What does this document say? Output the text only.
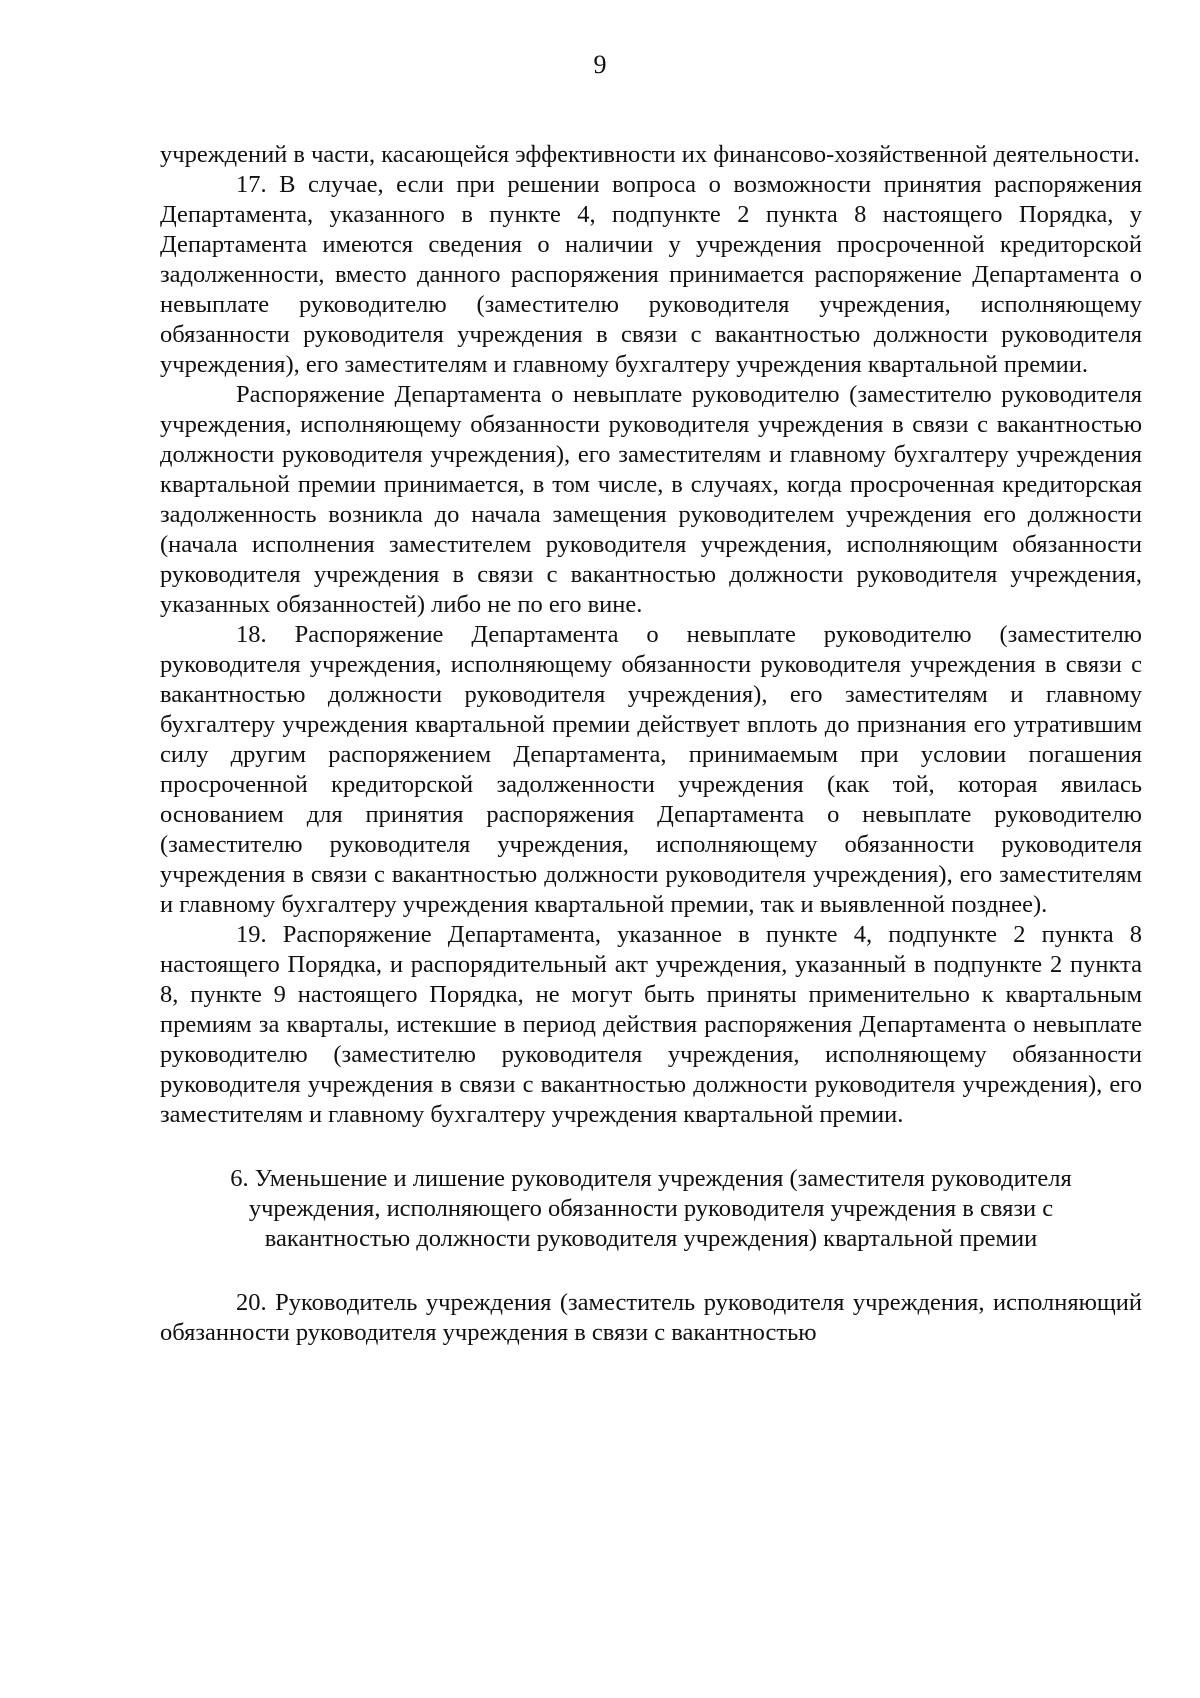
9

учреждений в части, касающейся эффективности их финансово-хозяйственной деятельности.

17. В случае, если при решении вопроса о возможности принятия распоряжения Департамента, указанного в пункте 4, подпункте 2 пункта 8 настоящего Порядка, у Департамента имеются сведения о наличии у учреждения просроченной кредиторской задолженности, вместо данного распоряжения принимается распоряжение Департамента о невыплате руководителю (заместителю руководителя учреждения, исполняющему обязанности руководителя учреждения в связи с вакантностью должности руководителя учреждения), его заместителям и главному бухгалтеру учреждения квартальной премии.

Распоряжение Департамента о невыплате руководителю (заместителю руководителя учреждения, исполняющему обязанности руководителя учреждения в связи с вакантностью должности руководителя учреждения), его заместителям и главному бухгалтеру учреждения квартальной премии принимается, в том числе, в случаях, когда просроченная кредиторская задолженность возникла до начала замещения руководителем учреждения его должности (начала исполнения заместителем руководителя учреждения, исполняющим обязанности руководителя учреждения в связи с вакантностью должности руководителя учреждения, указанных обязанностей) либо не по его вине.

18. Распоряжение Департамента о невыплате руководителю (заместителю руководителя учреждения, исполняющему обязанности руководителя учреждения в связи с вакантностью должности руководителя учреждения), его заместителям и главному бухгалтеру учреждения квартальной премии действует вплоть до признания его утратившим силу другим распоряжением Департамента, принимаемым при условии погашения просроченной кредиторской задолженности учреждения (как той, которая явилась основанием для принятия распоряжения Департамента о невыплате руководителю (заместителю руководителя учреждения, исполняющему обязанности руководителя учреждения в связи с вакантностью должности руководителя учреждения), его заместителям и главному бухгалтеру учреждения квартальной премии, так и выявленной позднее).

19. Распоряжение Департамента, указанное в пункте 4, подпункте 2 пункта 8 настоящего Порядка, и распорядительный акт учреждения, указанный в подпункте 2 пункта 8, пункте 9 настоящего Порядка, не могут быть приняты применительно к квартальным премиям за кварталы, истекшие в период действия распоряжения Департамента о невыплате руководителю (заместителю руководителя учреждения, исполняющему обязанности руководителя учреждения в связи с вакантностью должности руководителя учреждения), его заместителям и главному бухгалтеру учреждения квартальной премии.

6. Уменьшение и лишение руководителя учреждения (заместителя руководителя учреждения, исполняющего обязанности руководителя учреждения в связи с вакантностью должности руководителя учреждения) квартальной премии

20. Руководитель учреждения (заместитель руководителя учреждения, исполняющий обязанности руководителя учреждения в связи с вакантностью
